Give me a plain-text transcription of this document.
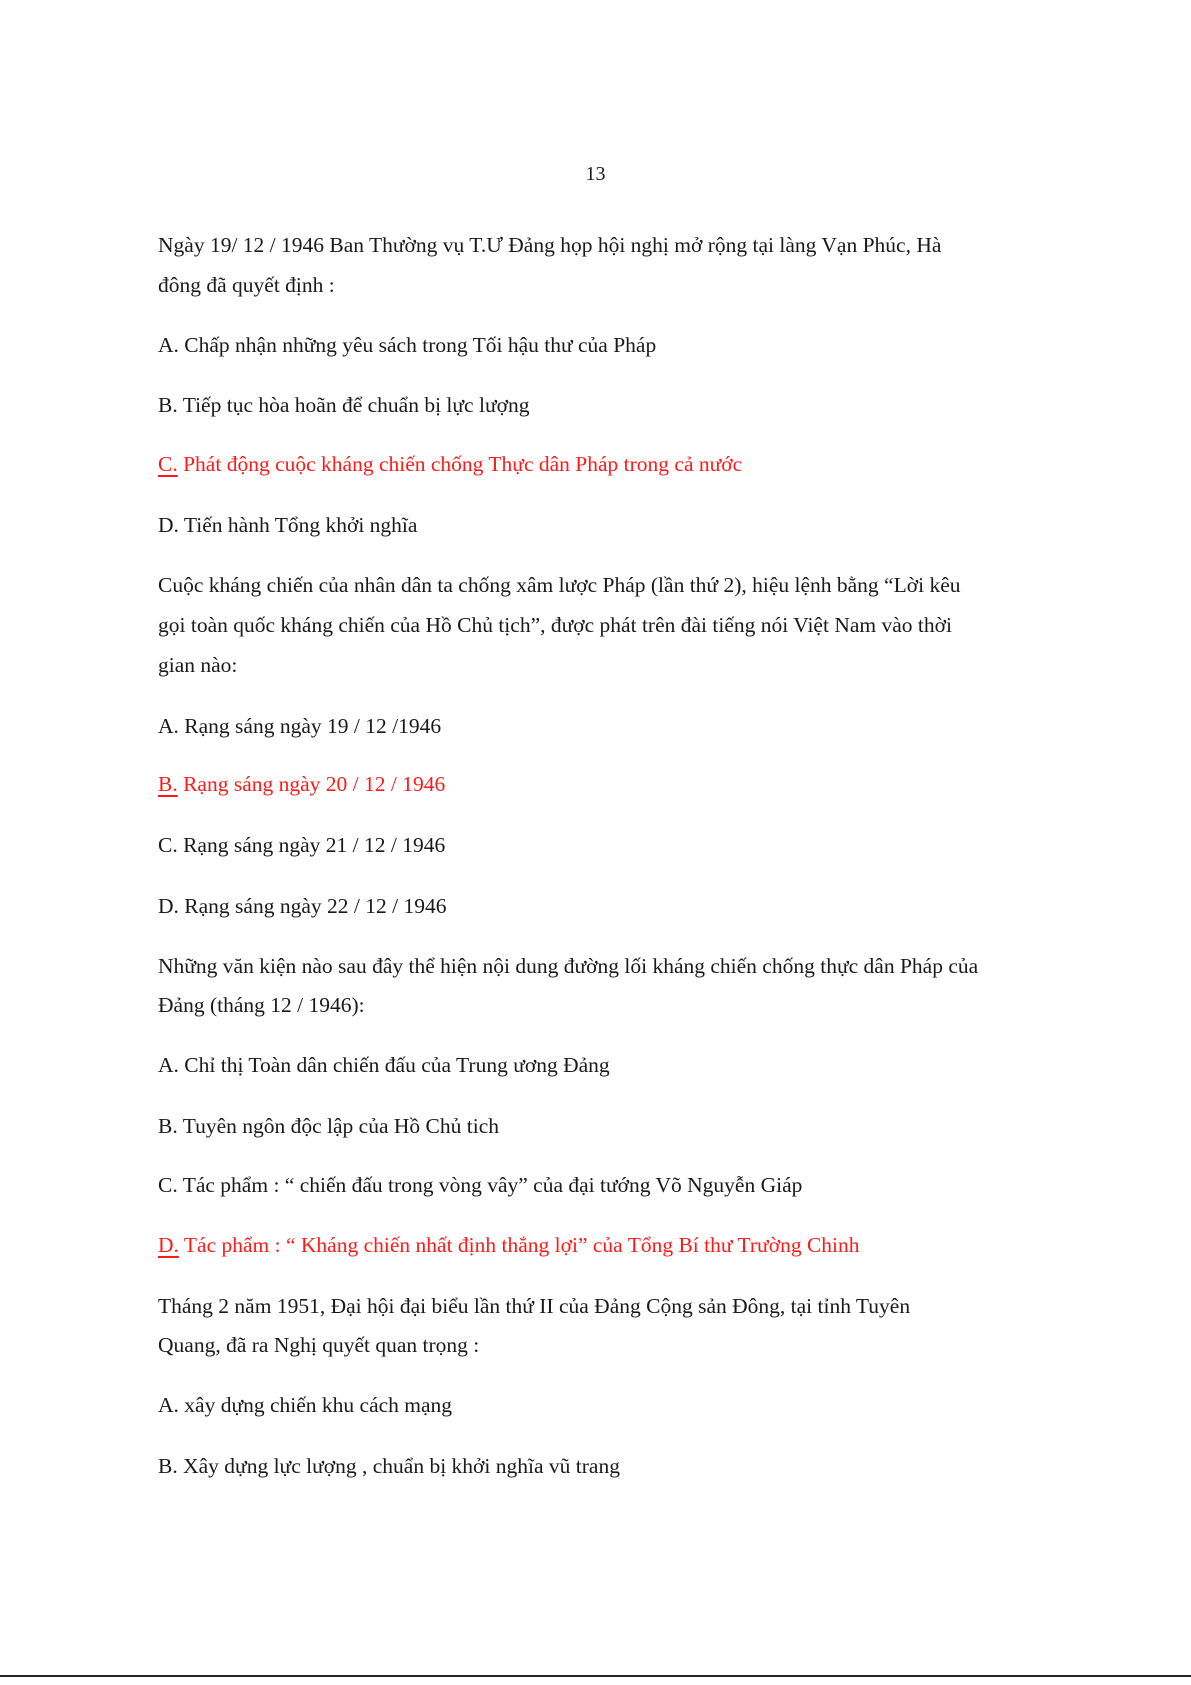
13
Ngày 19/ 12 / 1946 Ban Thường vụ T.Ư Đảng họp hội nghị mở rộng tại làng Vạn Phúc, Hà
đông đã quyết định :
A. Chấp nhận những yêu sách trong Tối hậu thư của Pháp
B. Tiếp tục hòa hoãn để chuẩn bị lực lượng
C. Phát động cuộc kháng chiến chống Thực dân Pháp trong cả nước
D. Tiến hành Tổng khởi nghĩa
Cuộc kháng chiến của nhân dân ta chống xâm lược Pháp (lần thứ 2), hiệu lệnh bằng “Lời kêu
gọi toàn quốc kháng chiến của Hồ Chủ tịch”, được phát trên đài tiếng nói Việt Nam vào thời
gian nào:
A. Rạng sáng ngày 19 / 12 /1946
B. Rạng sáng ngày 20 / 12 / 1946
C. Rạng sáng ngày 21 / 12 / 1946
D. Rạng sáng ngày 22 / 12 / 1946
Những văn kiện nào sau đây thể hiện nội dung đường lối kháng chiến chống thực dân Pháp của
Đảng (tháng 12 / 1946):
A. Chỉ thị Toàn dân chiến đấu của Trung ương Đảng
B. Tuyên ngôn độc lập của Hồ Chủ tich
C. Tác phẩm : “ chiến đấu trong vòng vây” của đại tướng Võ Nguyễn Giáp
D. Tác phẩm : “ Kháng chiến nhất định thắng lợi” của Tổng Bí thư Trường Chinh
Tháng 2 năm 1951, Đại hội đại biểu lần thứ II của Đảng Cộng sản Đông, tại tỉnh Tuyên
Quang, đã ra Nghị quyết quan trọng :
A. xây dựng chiến khu cách mạng
B. Xây dựng lực lượng , chuẩn bị khởi nghĩa vũ trang
